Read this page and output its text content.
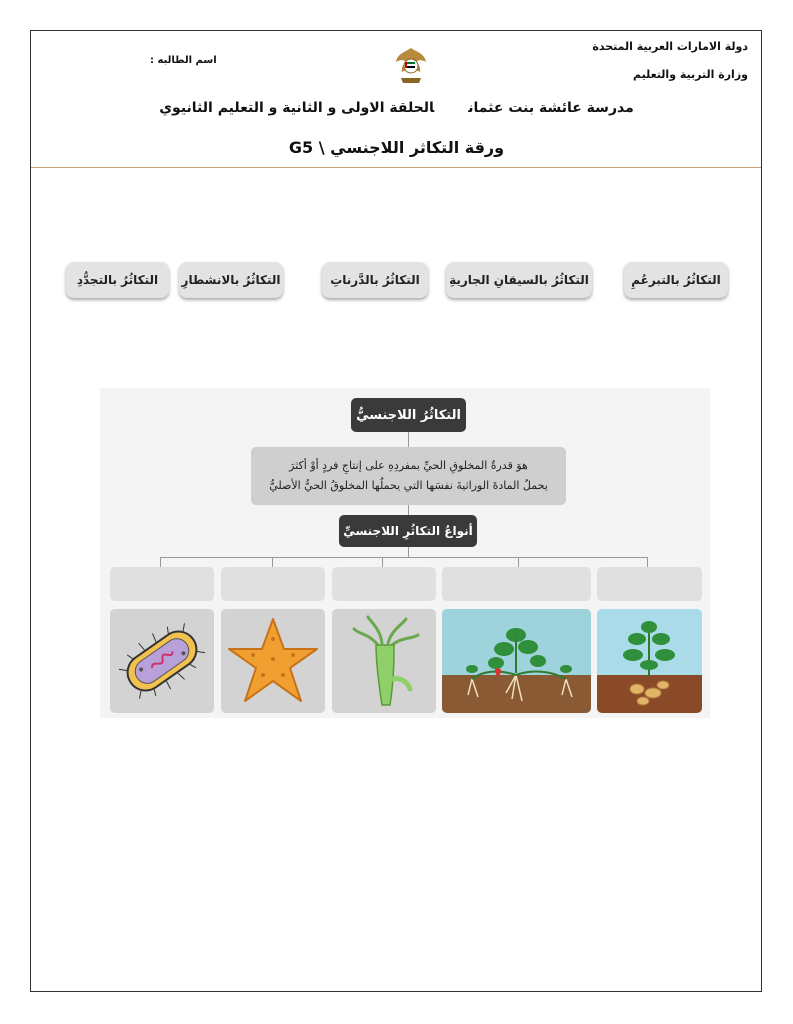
دولة الامارات العربية المتحدة
وزارة التربية والتعليم
اسم الطالبه :
مدرسة عائشة بنت عثمانالحلقة الاولى و الثانية و التعليم الثانيوي
ورقة التكاثر اللاجنسي \ G5
التكاثُرُ بالتبرعُمِ
التكاثُرُ بالسيقانِ الجاريةِ
التكاثُرُ بالدَّرناتِ
التكاثُرُ بالانشطارِ
التكاثُرُ بالتجدُّدِ
التكاثُرُ اللاجنسيُّ
هوَ قدرةُ المخلوقِ الحيِّ بمفردِهِ على إنتاجِ فردٍ أوْ أكثرَ
يحملُ المادةَ الوراثيةَ نفسَها التي يحملُها المخلوقُ الحيُّ الأصليُّ
أنواعُ التكاثُرِ اللاجنسيِّ
